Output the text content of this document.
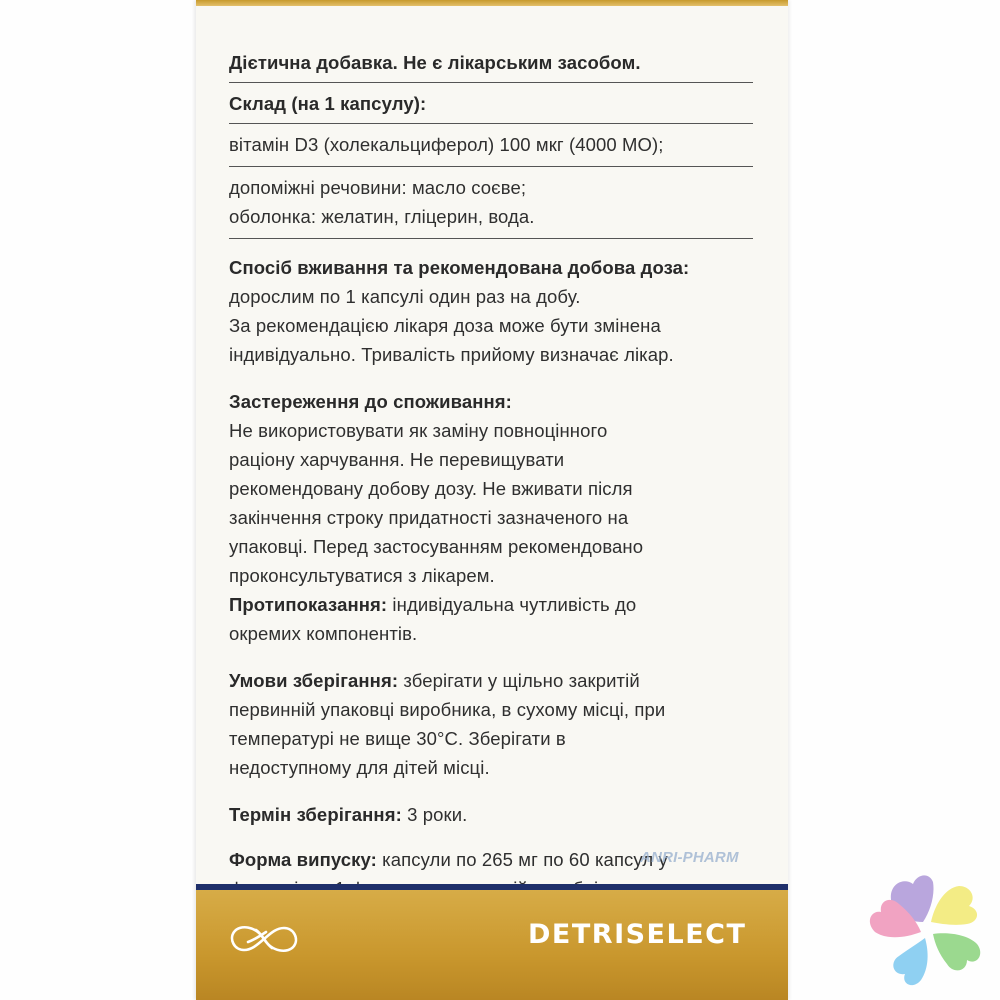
Дієтична добавка. Не є лікарським засобом.
Склад (на 1 капсулу):
вітамін D3 (холекальциферол) 100 мкг (4000 МО);
допоміжні речовини: масло соєве;
оболонка: желатин, гліцерин, вода.
Спосіб вживання та рекомендована добова доза:
дорослим по 1 капсулі один раз на добу.
За рекомендацією лікаря доза може бути змінена
індивідуально. Тривалість прийому визначає лікар.
Застереження до споживання:
Не використовувати як заміну повноцінного
раціону харчування. Не перевищувати
рекомендовану добову дозу. Не вживати після
закінчення строку придатності зазначеного на
упаковці. Перед застосуванням рекомендовано
проконсультуватися з лікарем.
Протипоказання: індивідуальна чутливість до
окремих компонентів.
Умови зберігання: зберігати у щільно закритій
первинній упаковці виробника, в сухому місці, при
температурі не вище 30°C. Зберігати в
недоступному для дітей місці.
Термін зберігання: 3 роки.
Форма випуску: капсули по 265 мг по 60 капсул у
ANRI-PHARM
DETRISELECT
